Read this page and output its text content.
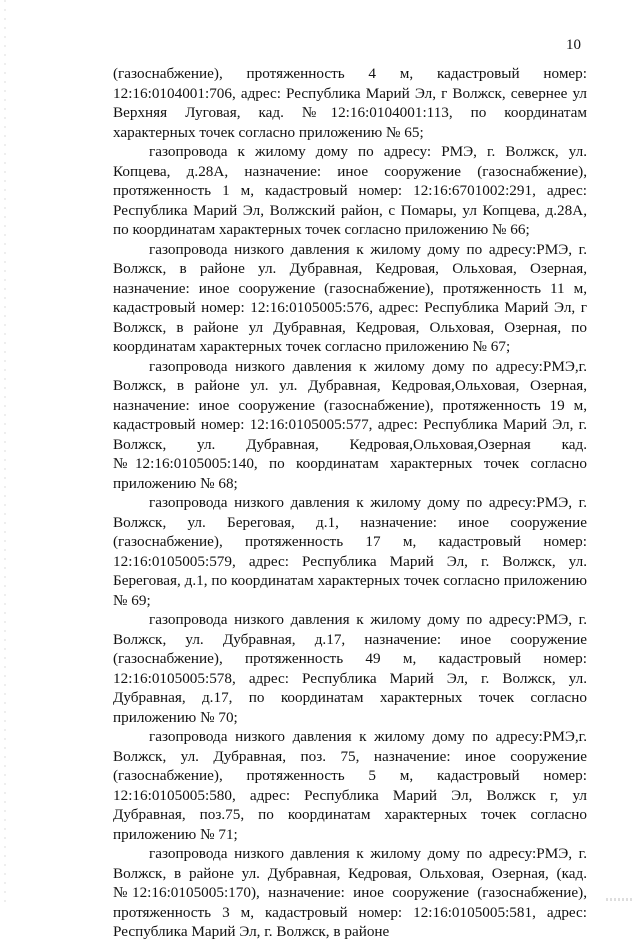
10

(газоснабжение), протяженность 4 м, кадастровый номер: 12:16:0104001:706, адрес: Республика Марий Эл, г Волжск, севернее ул Верхняя Луговая, кад. №12:16:0104001:113, по координатам характерных точек согласно приложению № 65;

газопровода к жилому дому по адресу: РМЭ, г. Волжск, ул. Копцева, д.28А, назначение: иное сооружение (газоснабжение), протяженность 1 м, кадастровый номер: 12:16:6701002:291, адрес: Республика Марий Эл, Волжский район, с Помары, ул Копцева, д.28А, по координатам характерных точек согласно приложению № 66;

газопровода низкого давления к жилому дому по адресу:РМЭ, г. Волжск, в районе ул. Дубравная, Кедровая, Ольховая, Озерная, назначение: иное сооружение (газоснабжение), протяженность 11 м, кадастровый номер: 12:16:0105005:576, адрес: Республика Марий Эл, г Волжск, в районе ул Дубравная, Кедровая, Ольховая, Озерная, по координатам характерных точек согласно приложению № 67;

газопровода низкого давления к жилому дому по адресу:РМЭ,г. Волжск, в районе ул. ул. Дубравная, Кедровая,Ольховая, Озерная, назначение: иное сооружение (газоснабжение), протяженность 19 м, кадастровый номер: 12:16:0105005:577, адрес: Республика Марий Эл, г. Волжск, ул. Дубравная, Кедровая,Ольховая,Озерная кад.№12:16:0105005:140, по координатам характерных точек согласно приложению № 68;

газопровода низкого давления к жилому дому по адресу:РМЭ, г. Волжск, ул. Береговая, д.1, назначение: иное сооружение (газоснабжение), протяженность 17 м, кадастровый номер: 12:16:0105005:579, адрес: Республика Марий Эл, г. Волжск, ул. Береговая, д.1, по координатам характерных точек согласно приложению № 69;

газопровода низкого давления к жилому дому по адресу:РМЭ, г. Волжск, ул. Дубравная, д.17, назначение: иное сооружение (газоснабжение), протяженность 49 м, кадастровый номер: 12:16:0105005:578, адрес: Республика Марий Эл, г. Волжск, ул. Дубравная, д.17, по координатам характерных точек согласно приложению № 70;

газопровода низкого давления к жилому дому по адресу:РМЭ,г. Волжск, ул. Дубравная, поз. 75, назначение: иное сооружение (газоснабжение), протяженность 5 м, кадастровый номер: 12:16:0105005:580, адрес: Республика Марий Эл, Волжск г, ул Дубравная, поз.75, по координатам характерных точек согласно приложению № 71;

газопровода низкого давления к жилому дому по адресу:РМЭ, г. Волжск, в районе ул. Дубравная, Кедровая, Ольховая, Озерная, (кад.№12:16:0105005:170), назначение: иное сооружение (газоснабжение), протяженность 3 м, кадастровый номер: 12:16:0105005:581, адрес: Республика Марий Эл, г. Волжск, в районе
